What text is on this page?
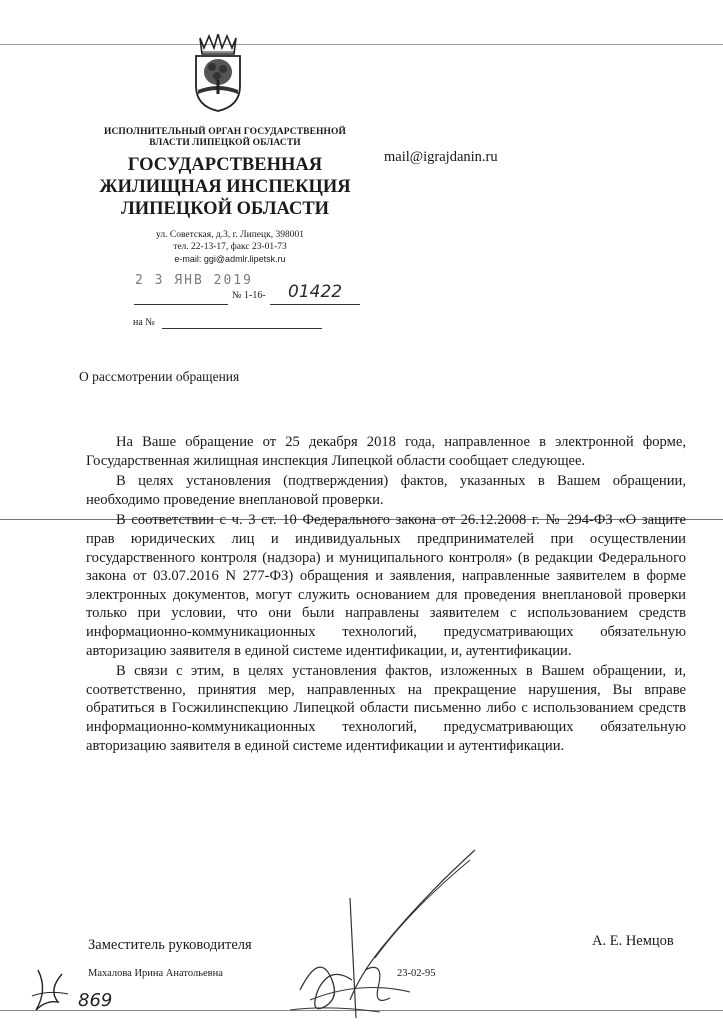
ИСПОЛНИТЕЛЬНЫЙ ОРГАН ГОСУДАРСТВЕННОЙ
ВЛАСТИ ЛИПЕЦКОЙ ОБЛАСТИ
ГОСУДАРСТВЕННАЯ
ЖИЛИЩНАЯ ИНСПЕКЦИЯ
ЛИПЕЦКОЙ ОБЛАСТИ
ул. Советская, д.3, г. Липецк, 398001
тел. 22-13-17, факс 23-01-73
e-mail: ggi@admlr.lipetsk.ru
mail@igrajdanin.ru
2 3 ЯНВ 2019
№ 1-16- 01422
на №
О рассмотрении обращения

На Ваше обращение от 25 декабря 2018 года, направленное в электронной форме, Государственная жилищная инспекция Липецкой области сообщает следующее.

В целях установления (подтверждения) фактов, указанных в Вашем обращении, необходимо проведение внеплановой проверки.

В соответствии с ч. 3 ст. 10 Федерального закона от 26.12.2008 г. № 294-ФЗ «О защите прав юридических лиц и индивидуальных предпринимателей при осуществлении государственного контроля (надзора) и муниципального контроля» (в редакции Федерального закона от 03.07.2016 N 277-ФЗ) обращения и заявления, направленные заявителем в форме электронных документов, могут служить основанием для проведения внеплановой проверки только при условии, что они были направлены заявителем с использованием средств информационно-коммуникационных технологий, предусматривающих обязательную авторизацию заявителя в единой системе идентификации, и, аутентификации.

В связи с этим, в целях установления фактов, изложенных в Вашем обращении, и, соответственно, принятия мер, направленных на прекращение нарушения, Вы вправе обратиться в Госжилинспекцию Липецкой области письменно либо с использованием средств информационно-коммуникационных технологий, предусматривающих обязательную авторизацию заявителя в единой системе идентификации и аутентификации.

Заместитель руководителя	А. Е. Немцов
Махалова Ирина Анатольевна	23-02-95
869
